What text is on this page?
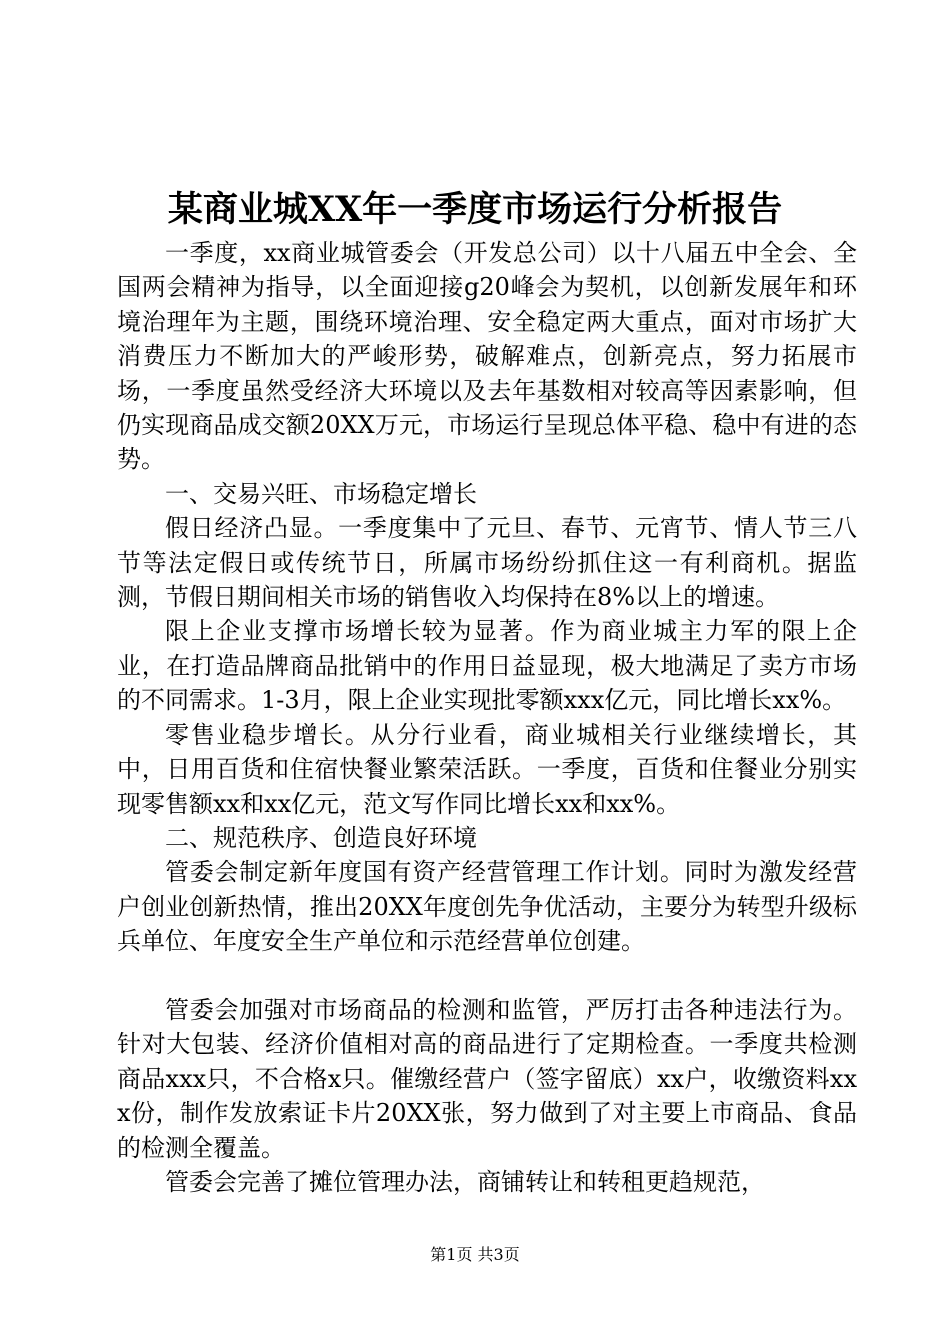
某商业城XX年一季度市场运行分析报告

一季度，xx商业城管委会（开发总公司）以十八届五中全会、全国两会精神为指导，以全面迎接g20峰会为契机，以创新发展年和环境治理年为主题，围绕环境治理、安全稳定两大重点，面对市场扩大消费压力不断加大的严峻形势，破解难点，创新亮点，努力拓展市场，一季度虽然受经济大环境以及去年基数相对较高等因素影响，但仍实现商品成交额20XX万元，市场运行呈现总体平稳、稳中有进的态势。

一、交易兴旺、市场稳定增长

假日经济凸显。一季度集中了元旦、春节、元宵节、情人节三八节等法定假日或传统节日，所属市场纷纷抓住这一有利商机。据监测，节假日期间相关市场的销售收入均保持在8%以上的增速。

限上企业支撑市场增长较为显著。作为商业城主力军的限上企业，在打造品牌商品批销中的作用日益显现，极大地满足了卖方市场的不同需求。1-3月，限上企业实现批零额xxx亿元，同比增长xx%。

零售业稳步增长。从分行业看，商业城相关行业继续增长，其中，日用百货和住宿快餐业繁荣活跃。一季度，百货和住餐业分别实现零售额xx和xx亿元，范文写作同比增长xx和xx%。

二、规范秩序、创造良好环境

管委会制定新年度国有资产经营管理工作计划。同时为激发经营户创业创新热情，推出20XX年度创先争优活动，主要分为转型升级标兵单位、年度安全生产单位和示范经营单位创建。

管委会加强对市场商品的检测和监管，严厉打击各种违法行为。针对大包装、经济价值相对高的商品进行了定期检查。一季度共检测商品xxx只，不合格x只。催缴经营户（签字留底）xx户，收缴资料xxx份，制作发放索证卡片20XX张，努力做到了对主要上市商品、食品的检测全覆盖。

管委会完善了摊位管理办法，商铺转让和转租更趋规范，

第1页 共3页
